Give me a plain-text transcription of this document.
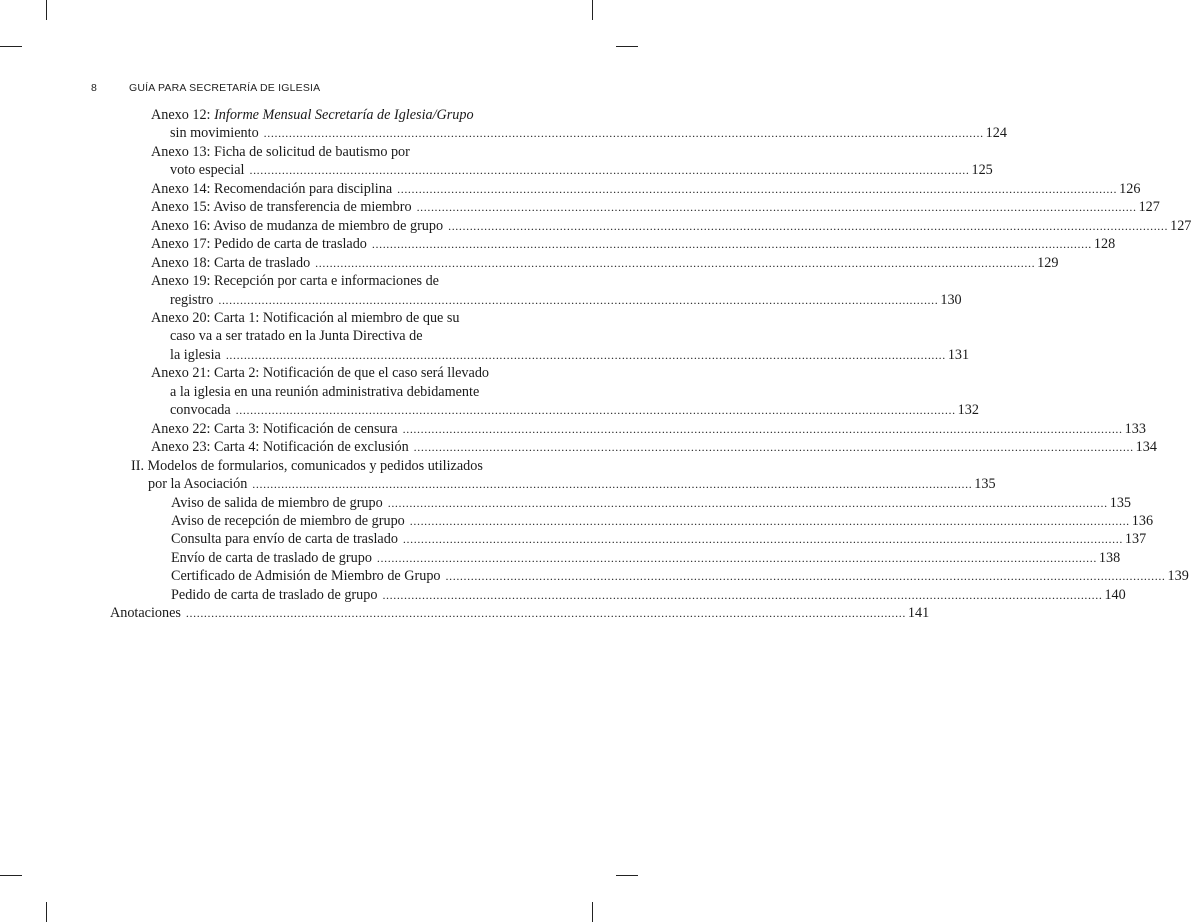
8	GUÍA PARA SECRETARÍA DE IGLESIA
Anexo 12: Informe Mensual Secretaría de Iglesia/Grupo
sin movimiento ........................................................................................................................................................................................................ 124
Anexo 13: Ficha de solicitud de bautismo por
voto especial ........................................................................................................................................................................................................ 125
Anexo 14: Recomendación para disciplina ........................................................................................................................................................................................................ 126
Anexo 15: Aviso de transferencia de miembro ........................................................................................................................................................................................................ 127
Anexo 16: Aviso de mudanza de miembro de grupo ........................................................................................................................................................................................................ 127
Anexo 17: Pedido de carta de traslado ........................................................................................................................................................................................................ 128
Anexo 18: Carta de traslado ........................................................................................................................................................................................................ 129
Anexo 19: Recepción por carta e informaciones de
registro ........................................................................................................................................................................................................ 130
Anexo 20: Carta 1: Notificación al miembro de que su
caso va a ser tratado en la Junta Directiva de
la iglesia ........................................................................................................................................................................................................ 131
Anexo 21: Carta 2: Notificación de que el caso será llevado
a la iglesia en una reunión administrativa debidamente
convocada ........................................................................................................................................................................................................ 132
Anexo 22: Carta 3: Notificación de censura ........................................................................................................................................................................................................ 133
Anexo 23: Carta 4: Notificación de exclusión ........................................................................................................................................................................................................ 134
II. Modelos de formularios, comunicados y pedidos utilizados
por la Asociación ........................................................................................................................................................................................................ 135
Aviso de salida de miembro de grupo ........................................................................................................................................................................................................ 135
Aviso de recepción de miembro de grupo ........................................................................................................................................................................................................ 136
Consulta para envío de carta de traslado ........................................................................................................................................................................................................ 137
Envío de carta de traslado de grupo ........................................................................................................................................................................................................ 138
Certificado de Admisión de Miembro de Grupo ........................................................................................................................................................................................................ 139
Pedido de carta de traslado de grupo ........................................................................................................................................................................................................ 140
Anotaciones ........................................................................................................................................................................................................ 141
